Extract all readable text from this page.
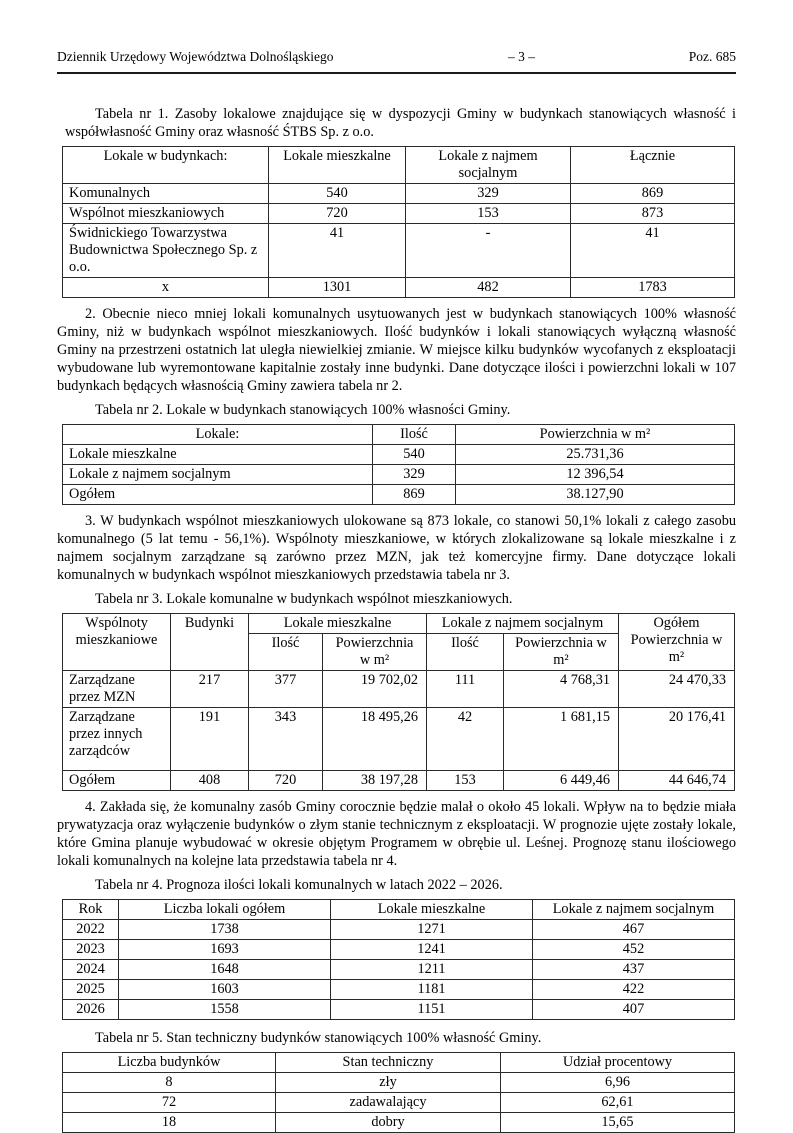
Dziennik Urzędowy Województwa Dolnośląskiego	– 3 –	Poz. 685

Tabela nr 1. Zasoby lokalowe znajdujące się w dyspozycji Gminy w budynkach stanowiących własność i współwłasność Gminy oraz własność ŚTBS Sp. z o.o.

Lokale w budynkach:	Lokale mieszkalne	Lokale z najmem socjalnym	Łącznie
Komunalnych	540	329	869
Wspólnot mieszkaniowych	720	153	873
Świdnickiego Towarzystwa Budownictwa Społecznego Sp. z o.o.	41	-	41
x	1301	482	1783

2. Obecnie nieco mniej lokali komunalnych usytuowanych jest w budynkach stanowiących 100% własność Gminy, niż w budynkach wspólnot mieszkaniowych. Ilość budynków i lokali stanowiących wyłączną własność Gminy na przestrzeni ostatnich lat uległa niewielkiej zmianie. W miejsce kilku budynków wycofanych z eksploatacji wybudowane lub wyremontowane kapitalnie zostały inne budynki. Dane dotyczące ilości i powierzchni lokali w 107 budynkach będących własnością Gminy zawiera tabela nr 2.

Tabela nr 2. Lokale w budynkach stanowiących 100% własności Gminy.

Lokale:	Ilość	Powierzchnia w m²
Lokale mieszkalne	540	25.731,36
Lokale z najmem socjalnym	329	12 396,54
Ogółem	869	38.127,90

3. W budynkach wspólnot mieszkaniowych ulokowane są 873 lokale, co stanowi 50,1% lokali z całego zasobu komunalnego (5 lat temu - 56,1%). Wspólnoty mieszkaniowe, w których zlokalizowane są lokale mieszkalne i z najmem socjalnym zarządzane są zarówno przez MZN, jak też komercyjne firmy. Dane dotyczące lokali komunalnych w budynkach wspólnot mieszkaniowych przedstawia tabela nr 3.

Tabela nr 3. Lokale komunalne w budynkach wspólnot mieszkaniowych.

Wspólnoty mieszkaniowe	Budynki	Lokale mieszkalne		Lokale z najmem socjalnym		Ogółem Powierzchnia w m²
		Ilość	Powierzchnia w m²	Ilość	Powierzchnia w m²	
Zarządzane przez MZN	217	377	19 702,02	111	4 768,31	24 470,33
Zarządzane przez innych zarządców	191	343	18 495,26	42	1 681,15	20 176,41
Ogółem	408	720	38 197,28	153	6 449,46	44 646,74

4. Zakłada się, że komunalny zasób Gminy corocznie będzie malał o około 45 lokali. Wpływ na to będzie miała prywatyzacja oraz wyłączenie budynków o złym stanie technicznym z eksploatacji. W prognozie ujęte zostały lokale, które Gmina planuje wybudować w okresie objętym Programem w obrębie ul. Leśnej. Prognozę stanu ilościowego lokali komunalnych na kolejne lata przedstawia tabela nr 4.

Tabela nr 4. Prognoza ilości lokali komunalnych w latach 2022 – 2026.

Rok	Liczba lokali ogółem	Lokale mieszkalne	Lokale z najmem socjalnym
2022	1738	1271	467
2023	1693	1241	452
2024	1648	1211	437
2025	1603	1181	422
2026	1558	1151	407

Tabela nr 5. Stan techniczny budynków stanowiących 100% własność Gminy.

Liczba budynków	Stan techniczny	Udział procentowy
8	zły	6,96
72	zadawalający	62,61
18	dobry	15,65
